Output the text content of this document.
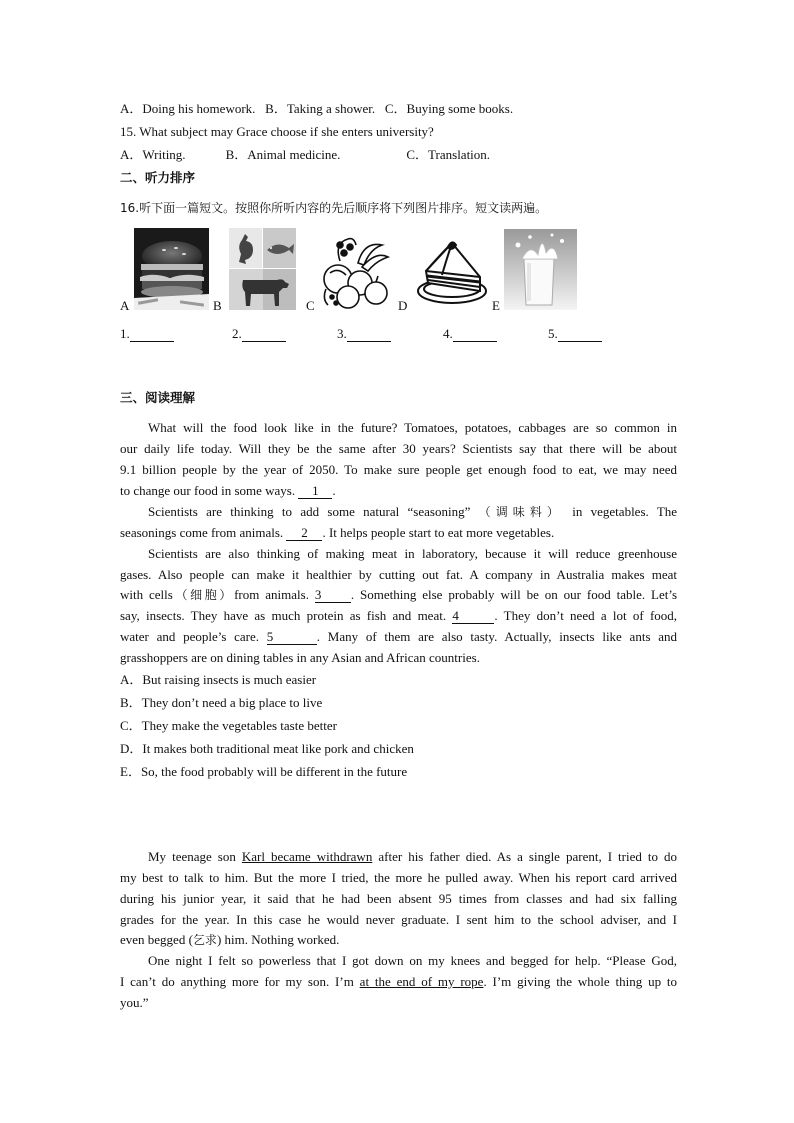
A．Doing his homework. B．Taking a shower. C．Buying some books.
15. What subject may Grace choose if she enters university?
A．Writing.	B．Animal medicine.	C．Translation.
二、听力排序
16.听下面一篇短文。按照你所听内容的先后顺序将下列图片排序。短文读两遍。
A	B	C	D	E
1.	2.	3.	4.	5.
三、阅读理解
What will the food look like in the future? Tomatoes, potatoes, cabbages are so common in
our daily life today. Will they be the same after 30 years? Scientists say that there will be about
9.1 billion people by the year of 2050. To make sure people get enough food to eat, we may need
to change our food in some ways. 1 .
Scientists are thinking to add some natural “seasoning” （调味料） in vegetables. The
seasonings come from animals. 2 . It helps people start to eat more vegetables.
Scientists are also thinking of making meat in laboratory, because it will reduce greenhouse
gases. Also people can make it healthier by cutting out fat. A company in Australia makes meat
with cells（细胞）from animals. 3 . Something else probably will be on our food table. Let’s
say, insects. They have as much protein as fish and meat. 4	. They don’t need a lot of food,
water and people’s care. 5	. Many of them are also tasty. Actually, insects like ants and
grasshoppers are on dining tables in any Asian and African countries.
A．But raising insects is much easier
B．They don’t need a big place to live
C．They make the vegetables taste better
D．It makes both traditional meat like pork and chicken
E．So, the food probably will be different in the future
My teenage son Karl became withdrawn after his father died. As a single parent, I tried to do
my best to talk to him. But the more I tried, the more he pulled away. When his report card arrived
during his junior year, it said that he had been absent 95 times from classes and had six falling
grades for the year. In this case he would never graduate. I sent him to the school adviser, and I
even begged (乞求) him. Nothing worked.
One night I felt so powerless that I got down on my knees and begged for help. “Please God,
I can’t do anything more for my son. I’m at the end of my rope. I’m giving the whole thing up to
you.”
